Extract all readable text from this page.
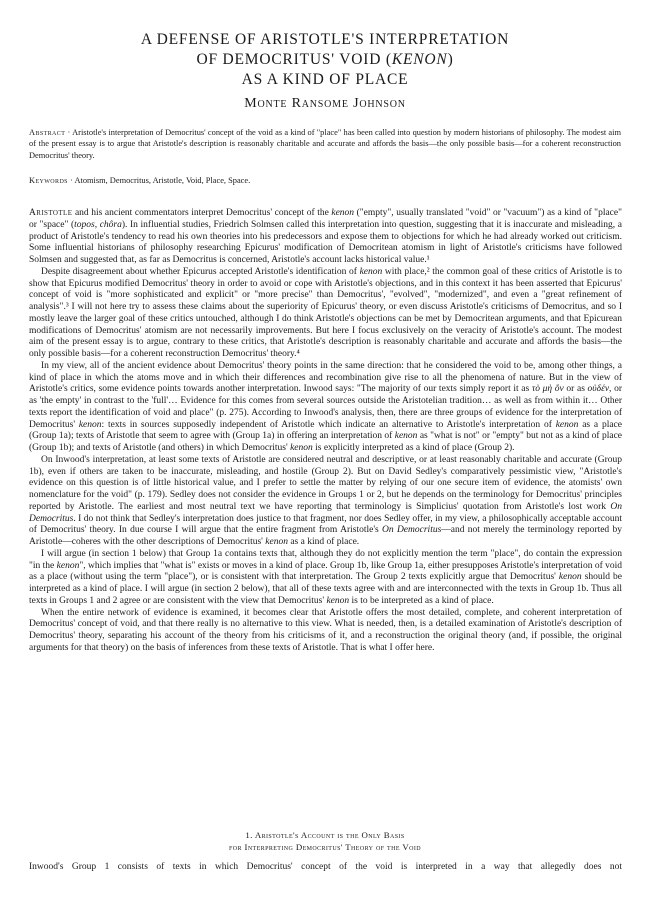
A DEFENSE OF ARISTOTLE'S INTERPRETATION
OF DEMOCRITUS' VOID (KENON)
AS A KIND OF PLACE
Monte Ransome Johnson
Abstract · Aristotle's interpretation of Democritus' concept of the void as a kind of "place" has been called into question by modern historians of philosophy. The modest aim of the present essay is to argue that Aristotle's description is reasonably charitable and accurate and affords the basis—the only possible basis—for a coherent reconstruction Democritus' theory.
Keywords · Atomism, Democritus, Aristotle, Void, Place, Space.

Aristotle and his ancient commentators interpret Democritus' concept of the kenon ("empty", usually translated "void" or "vacuum") as a kind of "place" or "space" (topos, chôra). In influential studies, Friedrich Solmsen called this interpretation into question, suggesting that it is inaccurate and misleading, a product of Aristotle's tendency to read his own theories into his predecessors and expose them to objections for which he had already worked out criticism. Some influential historians of philosophy researching Epicurus' modification of Democritean atomism in light of Aristotle's criticisms have followed Solmsen and suggested that, as far as Democritus is concerned, Aristotle's account lacks historical value.¹

Despite disagreement about whether Epicurus accepted Aristotle's identification of kenon with place,² the common goal of these critics of Aristotle is to show that Epicurus modified Democritus' theory in order to avoid or cope with Aristotle's objections, and in this context it has been asserted that Epicurus' concept of void is "more sophisticated and explicit" or "more precise" than Democritus', "evolved", "modernized", and even a "great refinement of analysis".³ I will not here try to assess these claims about the superiority of Epicurus' theory, or even discuss Aristotle's criticisms of Democritus, and so I mostly leave the larger goal of these critics untouched, although I do think Aristotle's objections can be met by Democritean arguments, and that Epicurean modifications of Democritus' atomism are not necessarily improvements. But here I focus exclusively on the veracity of Aristotle's account. The modest aim of the present essay is to argue, contrary to these critics, that Aristotle's description is reasonably charitable and accurate and affords the basis—the only possible basis—for a coherent reconstruction Democritus' theory.⁴

In my view, all of the ancient evidence about Democritus' theory points in the same direction: that he considered the void to be, among other things, a kind of place in which the atoms move and in which their differences and recombination give rise to all the phenomena of nature. But in the view of Aristotle's critics, some evidence points towards another interpretation. Inwood says: "The majority of our texts simply report it as τὸ μὴ ὄν or as οὐδέν, or as 'the empty' in contrast to the 'full'… Evidence for this comes from several sources outside the Aristotelian tradition… as well as from within it… Other texts report the identification of void and place" (p. 275). According to Inwood's analysis, then, there are three groups of evidence for the interpretation of Democritus' kenon: texts in sources supposedly independent of Aristotle which indicate an alternative to Aristotle's interpretation of kenon as a place (Group 1a); texts of Aristotle that seem to agree with (Group 1a) in offering an interpretation of kenon as "what is not" or "empty" but not as a kind of place (Group 1b); and texts of Aristotle (and others) in which Democritus' kenon is explicitly interpreted as a kind of place (Group 2).

On Inwood's interpretation, at least some texts of Aristotle are considered neutral and descriptive, or at least reasonably charitable and accurate (Group 1b), even if others are taken to be inaccurate, misleading, and hostile (Group 2). But on David Sedley's comparatively pessimistic view, "Aristotle's evidence on this question is of little historical value, and I prefer to settle the matter by relying of our one secure item of evidence, the atomists' own nomenclature for the void" (p. 179). Sedley does not consider the evidence in Groups 1 or 2, but he depends on the terminology for Democritus' principles reported by Aristotle. The earliest and most neutral text we have reporting that terminology is Simplicius' quotation from Aristotle's lost work On Democritus. I do not think that Sedley's interpretation does justice to that fragment, nor does Sedley offer, in my view, a philosophically acceptable account of Democritus' theory. In due course I will argue that the entire fragment from Aristotle's On Democritus—and not merely the terminology reported by Aristotle—coheres with the other descriptions of Democritus' kenon as a kind of place.

I will argue (in section 1 below) that Group 1a contains texts that, although they do not explicitly mention the term "place", do contain the expression "in the kenon", which implies that "what is" exists or moves in a kind of place. Group 1b, like Group 1a, either presupposes Aristotle's interpretation of void as a place (without using the term "place"), or is consistent with that interpretation. The Group 2 texts explicitly argue that Democritus' kenon should be interpreted as a kind of place. I will argue (in section 2 below), that all of these texts agree with and are interconnected with the texts in Group 1b. Thus all texts in Groups 1 and 2 agree or are consistent with the view that Democritus' kenon is to be interpreted as a kind of place.

When the entire network of evidence is examined, it becomes clear that Aristotle offers the most detailed, complete, and coherent interpretation of Democritus' concept of void, and that there really is no alternative to this view. What is needed, then, is a detailed examination of Aristotle's description of Democritus' theory, separating his account of the theory from his criticisms of it, and a reconstruction the original theory (and, if possible, the original arguments for that theory) on the basis of inferences from these texts of Aristotle. That is what I offer here.

1. Aristotle's Account is the Only Basis
for Interpreting Democritus' Theory of the Void
Inwood's Group 1 consists of texts in which Democritus' concept of the void is interpreted in a way that allegedly does not
